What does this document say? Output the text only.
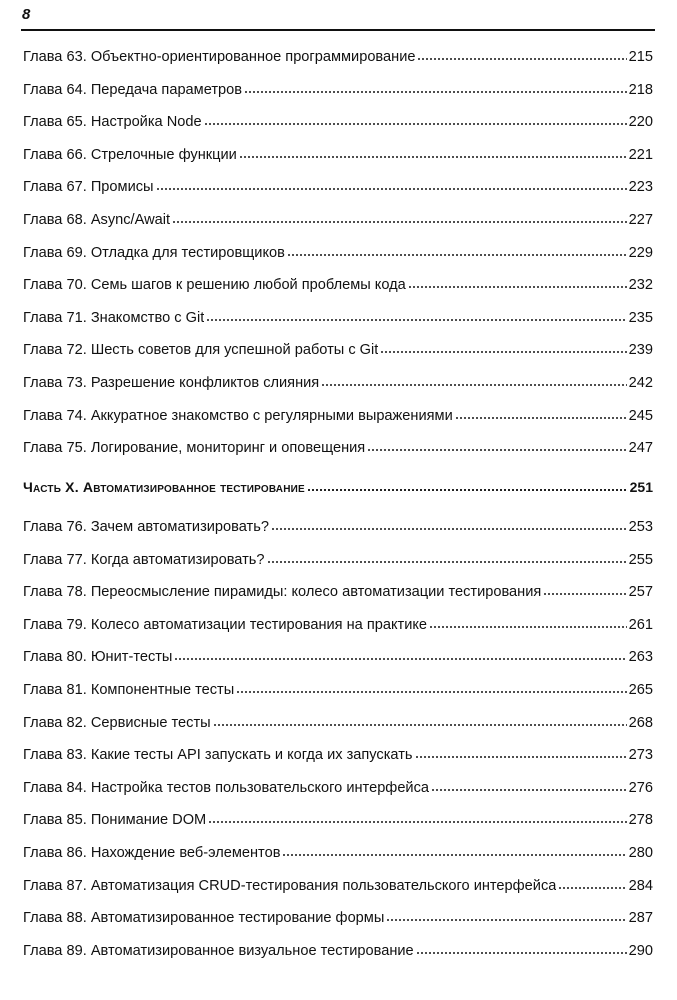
8
Глава 63. Объектно-ориентированное программирование	215
Глава 64. Передача параметров	218
Глава 65. Настройка Node	220
Глава 66. Стрелочные функции	221
Глава 67. Промисы	223
Глава 68. Async/Await	227
Глава 69. Отладка для тестировщиков	229
Глава 70. Семь шагов к решению любой проблемы кода	232
Глава 71. Знакомство с Git	235
Глава 72. Шесть советов для успешной работы с Git	239
Глава 73. Разрешение конфликтов слияния	242
Глава 74. Аккуратное знакомство с регулярными выражениями	245
Глава 75. Логирование, мониторинг и оповещения	247
Часть X. Автоматизированное тестирование	251
Глава 76. Зачем автоматизировать?	253
Глава 77. Когда автоматизировать?	255
Глава 78. Переосмысление пирамиды: колесо автоматизации тестирования	257
Глава 79. Колесо автоматизации тестирования на практике	261
Глава 80. Юнит-тесты	263
Глава 81. Компонентные тесты	265
Глава 82. Сервисные тесты	268
Глава 83. Какие тесты API запускать и когда их запускать	273
Глава 84. Настройка тестов пользовательского интерфейса	276
Глава 85. Понимание DOM	278
Глава 86. Нахождение веб-элементов	280
Глава 87. Автоматизация CRUD-тестирования пользовательского интерфейса	284
Глава 88. Автоматизированное тестирование формы	287
Глава 89. Автоматизированное визуальное тестирование	290
